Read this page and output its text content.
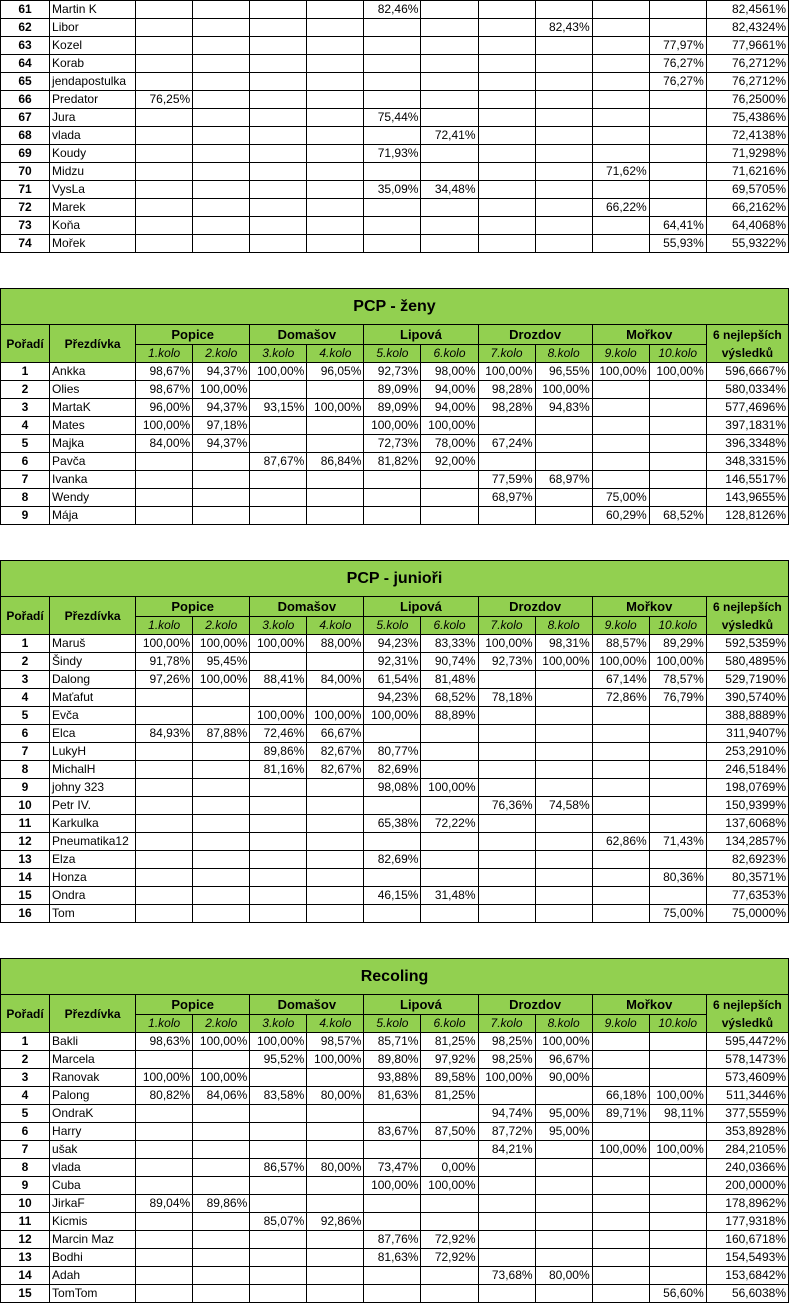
61	Martin K					82,46%						82,4561%
62	Libor								82,43%			82,4324%
63	Kozel										77,97%	77,9661%
64	Korab										76,27%	76,2712%
65	jendapostulka										76,27%	76,2712%
66	Predator	76,25%										76,2500%
67	Jura					75,44%						75,4386%
68	vlada						72,41%					72,4138%
69	Koudy					71,93%						71,9298%
70	Midzu									71,62%		71,6216%
71	VysLa					35,09%	34,48%					69,5705%
72	Marek									66,22%		66,2162%
73	Koňa										64,41%	64,4068%
74	Mořek										55,93%	55,9322%

PCP - ženy												
Pořadí	Přezdívka	Popice		Domašov		Lipová		Drozdov		Mořkov		6 nejlepších
výsledků

		1.kolo	2.kolo	3.kolo	4.kolo	5.kolo	6.kolo	7.kolo	8.kolo	9.kolo	10.kolo	
1	Ankka	98,67%	94,37%	100,00%	96,05%	92,73%	98,00%	100,00%	96,55%	100,00%	100,00%	596,6667%
2	Olies	98,67%	100,00%			89,09%	94,00%	98,28%	100,00%			580,0334%
3	MartaK	96,00%	94,37%	93,15%	100,00%	89,09%	94,00%	98,28%	94,83%			577,4696%
4	Mates	100,00%	97,18%			100,00%	100,00%					397,1831%
5	Majka	84,00%	94,37%			72,73%	78,00%	67,24%				396,3348%
6	Pavča			87,67%	86,84%	81,82%	92,00%					348,3315%
7	Ivanka							77,59%	68,97%			146,5517%
8	Wendy							68,97%		75,00%		143,9655%
9	Mája									60,29%	68,52%	128,8126%

PCP - junioři												
Pořadí	Přezdívka	Popice		Domašov		Lipová		Drozdov		Mořkov		6 nejlepších
výsledků

		1.kolo	2.kolo	3.kolo	4.kolo	5.kolo	6.kolo	7.kolo	8.kolo	9.kolo	10.kolo	
1	Maruš	100,00%	100,00%	100,00%	88,00%	94,23%	83,33%	100,00%	98,31%	88,57%	89,29%	592,5359%
2	Šindy	91,78%	95,45%			92,31%	90,74%	92,73%	100,00%	100,00%	100,00%	580,4895%
3	Dalong	97,26%	100,00%	88,41%	84,00%	61,54%	81,48%			67,14%	78,57%	529,7190%
4	Maťafut					94,23%	68,52%	78,18%		72,86%	76,79%	390,5740%
5	Evča			100,00%	100,00%	100,00%	88,89%					388,8889%
6	Elca	84,93%	87,88%	72,46%	66,67%							311,9407%
7	LukyH			89,86%	82,67%	80,77%						253,2910%
8	MichalH			81,16%	82,67%	82,69%						246,5184%
9	johny 323					98,08%	100,00%					198,0769%
10	Petr IV.							76,36%	74,58%			150,9399%
11	Karkulka					65,38%	72,22%					137,6068%
12	Pneumatika12									62,86%	71,43%	134,2857%
13	Elza					82,69%						82,6923%
14	Honza										80,36%	80,3571%
15	Ondra					46,15%	31,48%					77,6353%
16	Tom										75,00%	75,0000%

Recoling												
Pořadí	Přezdívka	Popice		Domašov		Lipová		Drozdov		Mořkov		6 nejlepších
výsledků

		1.kolo	2.kolo	3.kolo	4.kolo	5.kolo	6.kolo	7.kolo	8.kolo	9.kolo	10.kolo	
1	Bakli	98,63%	100,00%	100,00%	98,57%	85,71%	81,25%	98,25%	100,00%			595,4472%
2	Marcela			95,52%	100,00%	89,80%	97,92%	98,25%	96,67%			578,1473%
3	Ranovak	100,00%	100,00%			93,88%	89,58%	100,00%	90,00%			573,4609%
4	Palong	80,82%	84,06%	83,58%	80,00%	81,63%	81,25%			66,18%	100,00%	511,3446%
5	OndraK							94,74%	95,00%	89,71%	98,11%	377,5559%
6	Harry					83,67%	87,50%	87,72%	95,00%			353,8928%
7	ušak							84,21%		100,00%	100,00%	284,2105%
8	vlada			86,57%	80,00%	73,47%	0,00%					240,0366%
9	Cuba					100,00%	100,00%					200,0000%
10	JirkaF	89,04%	89,86%									178,8962%
11	Kicmis			85,07%	92,86%							177,9318%
12	Marcin Maz					87,76%	72,92%					160,6718%
13	Bodhi					81,63%	72,92%					154,5493%
14	Adah							73,68%	80,00%			153,6842%
15	TomTom										56,60%	56,6038%
